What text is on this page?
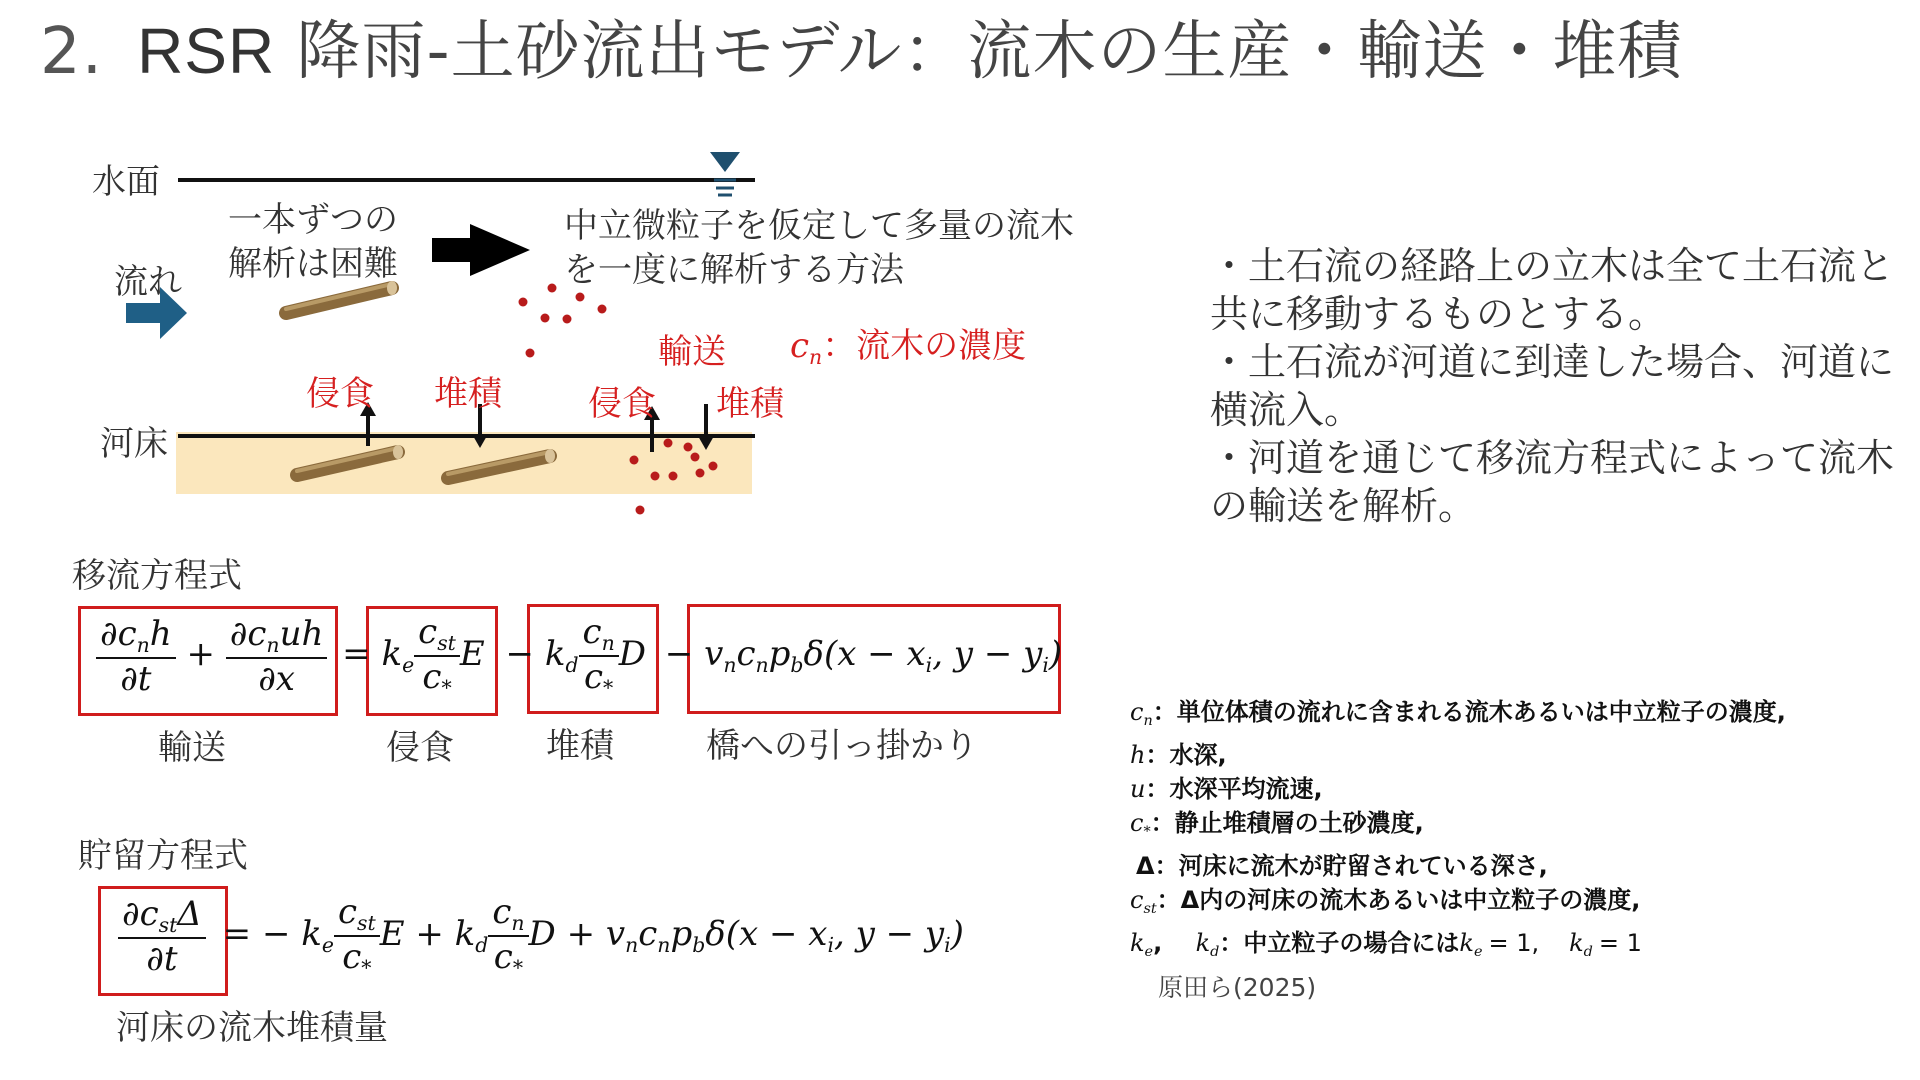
2. RSR 降雨-土砂流出モデル：流木の生産・輸送・堆積
水面
流れ
河床
一本ずつの
解析は困難
中立微粒子を仮定して多量の流木
を一度に解析する方法
輸送 $c_n$：流木の濃度
侵食 堆積	侵食 堆積
・土石流の経路上の立木は全て土石流と共に移動するものとする。
・土石流が河道に到達した場合、河道に横流入。
・河道を通じて移流方程式によって流木の輸送を解析。
移流方程式
$\frac{\partial c_nh}{\partial t} + \frac{\partial c_nuh}{\partial x} = k_e \frac{c_{st}}{c_*}$ $E - k_d \frac{c_n}{c_*}$ $D - v_nc_np_b\delta(x - x_i$, $y - y_i$)
輸送	侵食	堆積	橋への引っ掛かり
貯留方程式
$\frac{\partial c_{st}\Delta}{\partial t}$ = − $k_e \frac{c_{st}}{c_*}$ $E + k_d \frac{c_n}{c_*}$ $D + v_nc_np_b\delta(x - x_i$, $y - y_i$)
河床の流木堆積量
$c_n$：単位体積の流れに含まれる流木あるいは中立粒子の濃度,
h：水深,
u：水深平均流速,
$c_*$：静止堆積層の土砂濃度,
Δ：河床に流木が貯留されている深さ,
$c_{st}$：Δ内の河床の流木あるいは中立粒子の濃度,
$k_e$,    $k_d$：中立粒子の場合には$k_e = 1$, $k_d = 1$
原田ら(2025)
